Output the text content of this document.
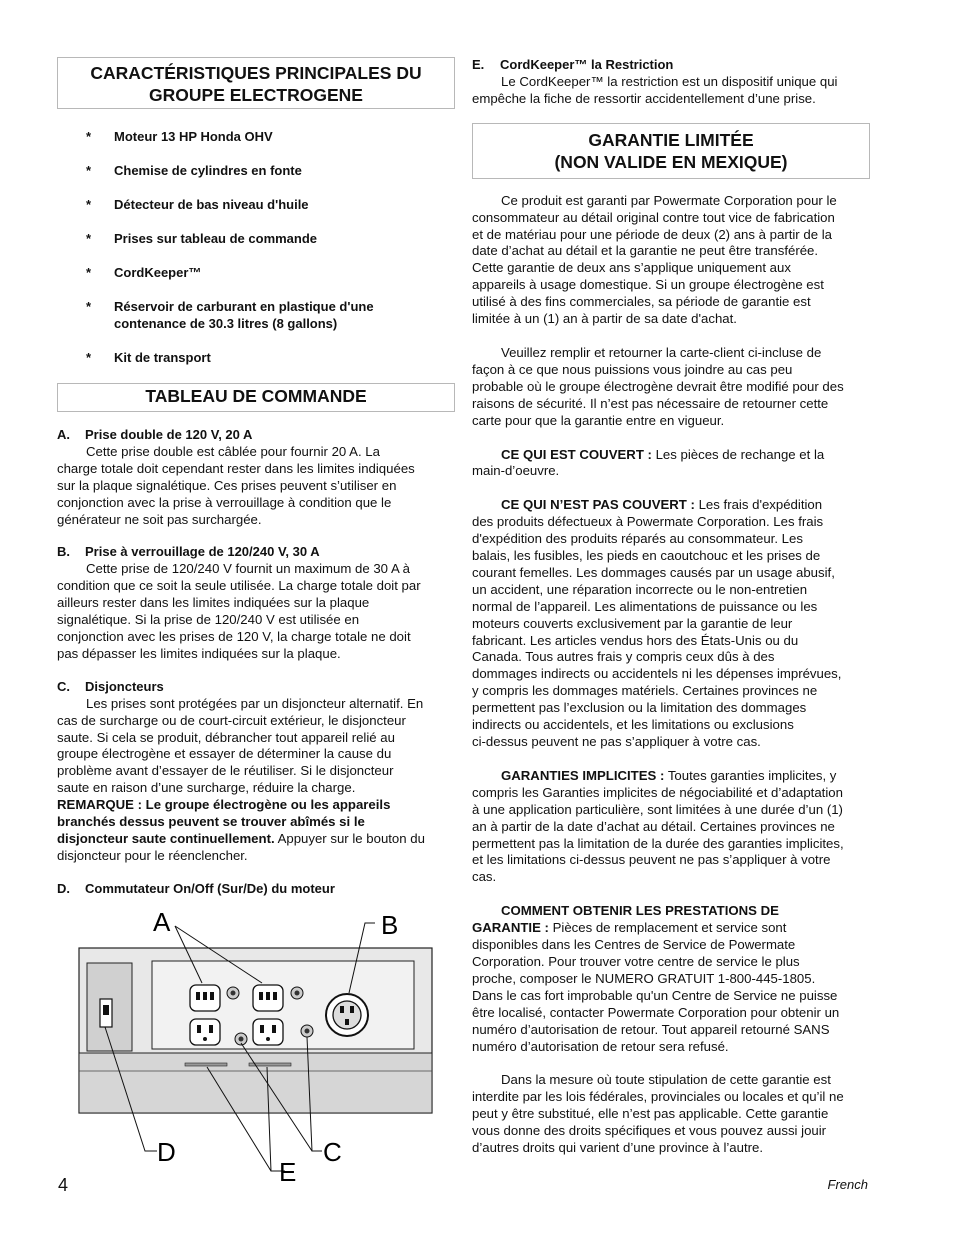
CARACTÉRISTIQUES PRINCIPALES DU
GROUPE ELECTROGENE
* Moteur 13 HP Honda OHV
* Chemise de cylindres en fonte
* Détecteur de bas niveau d'huile
* Prises sur tableau de commande
* CordKeeper™
* Réservoir de carburant en plastique d'une
contenance de 30.3 litres (8 gallons)
* Kit de transport
TABLEAU DE COMMANDE

A. Prise double de 120 V, 20 A

Cette prise double est câblée pour fournir 20 A. La

charge totale doit cependant rester dans les limites indiquées

sur la plaque signalétique. Ces prises peuvent s’utiliser en

conjonction avec la prise à verrouillage à condition que le

générateur ne soit pas surchargée.

B. Prise à verrouillage de 120/240 V, 30 A

Cette prise de 120/240 V fournit un maximum de 30 A à

condition que ce soit la seule utilisée. La charge totale doit par

ailleurs rester dans les limites indiquées sur la plaque

signalétique. Si la prise de 120/240 V est utilisée en

conjonction avec les prises de 120 V, la charge totale ne doit

pas dépasser les limites indiquées sur la plaque.

C. Disjoncteurs

Les prises sont protégées par un disjoncteur alternatif. En

cas de surcharge ou de court-circuit extérieur, le disjoncteur

saute. Si cela se produit, débrancher tout appareil relié au

groupe électrogène et essayer de déterminer la cause du

problème avant d’essayer de le réutiliser. Si le disjoncteur

saute en raison d’une surcharge, réduire la charge.

REMARQUE : Le groupe électrogène ou les appareils

branchés dessus peuvent se trouver abîmés si le

disjoncteur saute continuellement. Appuyer sur le bouton du

disjoncteur pour le réenclencher.

D. Commutateur On/Off (Sur/De) du moteur

A	B
D	C
E

E. CordKeeper™ la Restriction

Le CordKeeper™ la restriction est un dispositif unique qui

empêche la fiche de ressortir accidentellement d’une prise.

GARANTIE LIMITÉE
(NON VALIDE EN MEXIQUE)

Ce produit est garanti par Powermate Corporation pour le

consommateur au détail original contre tout vice de fabrication

et de matériau pour une période de deux (2) ans à partir de la

date d’achat au détail et la garantie ne peut être transférée.

Cette garantie de deux ans s’applique uniquement aux

appareils à usage domestique. Si un groupe électrogène est

utilisé à des fins commerciales, sa période de garantie est

limitée à un (1) an à partir de sa date d'achat.

Veuillez remplir et retourner la carte-client ci-incluse de

façon à ce que nous puissions vous joindre au cas peu

probable où le groupe électrogène devrait être modifié pour des

raisons de sécurité. Il n’est pas nécessaire de retourner cette

carte pour que la garantie entre en vigueur.

CE QUI EST COUVERT : Les pièces de rechange et la

main-d’oeuvre.

CE QUI N’EST PAS COUVERT : Les frais d'expédition

des produits défectueux à Powermate Corporation. Les frais

d'expédition des produits réparés au consommateur. Les

balais, les fusibles, les pieds en caoutchouc et les prises de

courant femelles. Les dommages causés par un usage abusif,

un accident, une réparation incorrecte ou le non-entretien

normal de l’appareil. Les alimentations de puissance ou les

moteurs couverts exclusivement par la garantie de leur

fabricant. Les articles vendus hors des États-Unis ou du

Canada. Tous autres frais y compris ceux dûs à des

dommages indirects ou accidentels ni les dépenses imprévues,

y compris les dommages matériels. Certaines provinces ne

permettent pas l’exclusion ou la limitation des dommages

indirects ou accidentels, et les limitations ou exclusions

ci-dessus peuvent ne pas s’appliquer à votre cas.

GARANTIES IMPLICITES : Toutes garanties implicites, y

compris les Garanties implicites de négociabilité et d’adaptation

à une application particulière, sont limitées à une durée d’un (1)

an à partir de la date d’achat au détail. Certaines provinces ne

permettent pas la limitation de la durée des garanties implicites,

et les limitations ci-dessus peuvent ne pas s’appliquer à votre

cas.

COMMENT OBTENIR LES PRESTATIONS DE

GARANTIE : Pièces de remplacement et service sont

disponibles dans les Centres de Service de Powermate

Corporation. Pour trouver votre centre de service le plus

proche, composer le NUMERO GRATUIT 1-800-445-1805.

Dans le cas fort improbable qu'un Centre de Service ne puisse

être localisé, contacter Powermate Corporation pour obtenir un

numéro d’autorisation de retour. Tout appareil retourné SANS

numéro d’autorisation de retour sera refusé.

Dans la mesure où toute stipulation de cette garantie est

interdite par les lois fédérales, provinciales ou locales et qu’il ne

peut y être substitué, elle n’est pas applicable. Cette garantie

vous donne des droits spécifiques et vous pouvez aussi jouir

d’autres droits qui varient d’une province à l’autre.

4	French
